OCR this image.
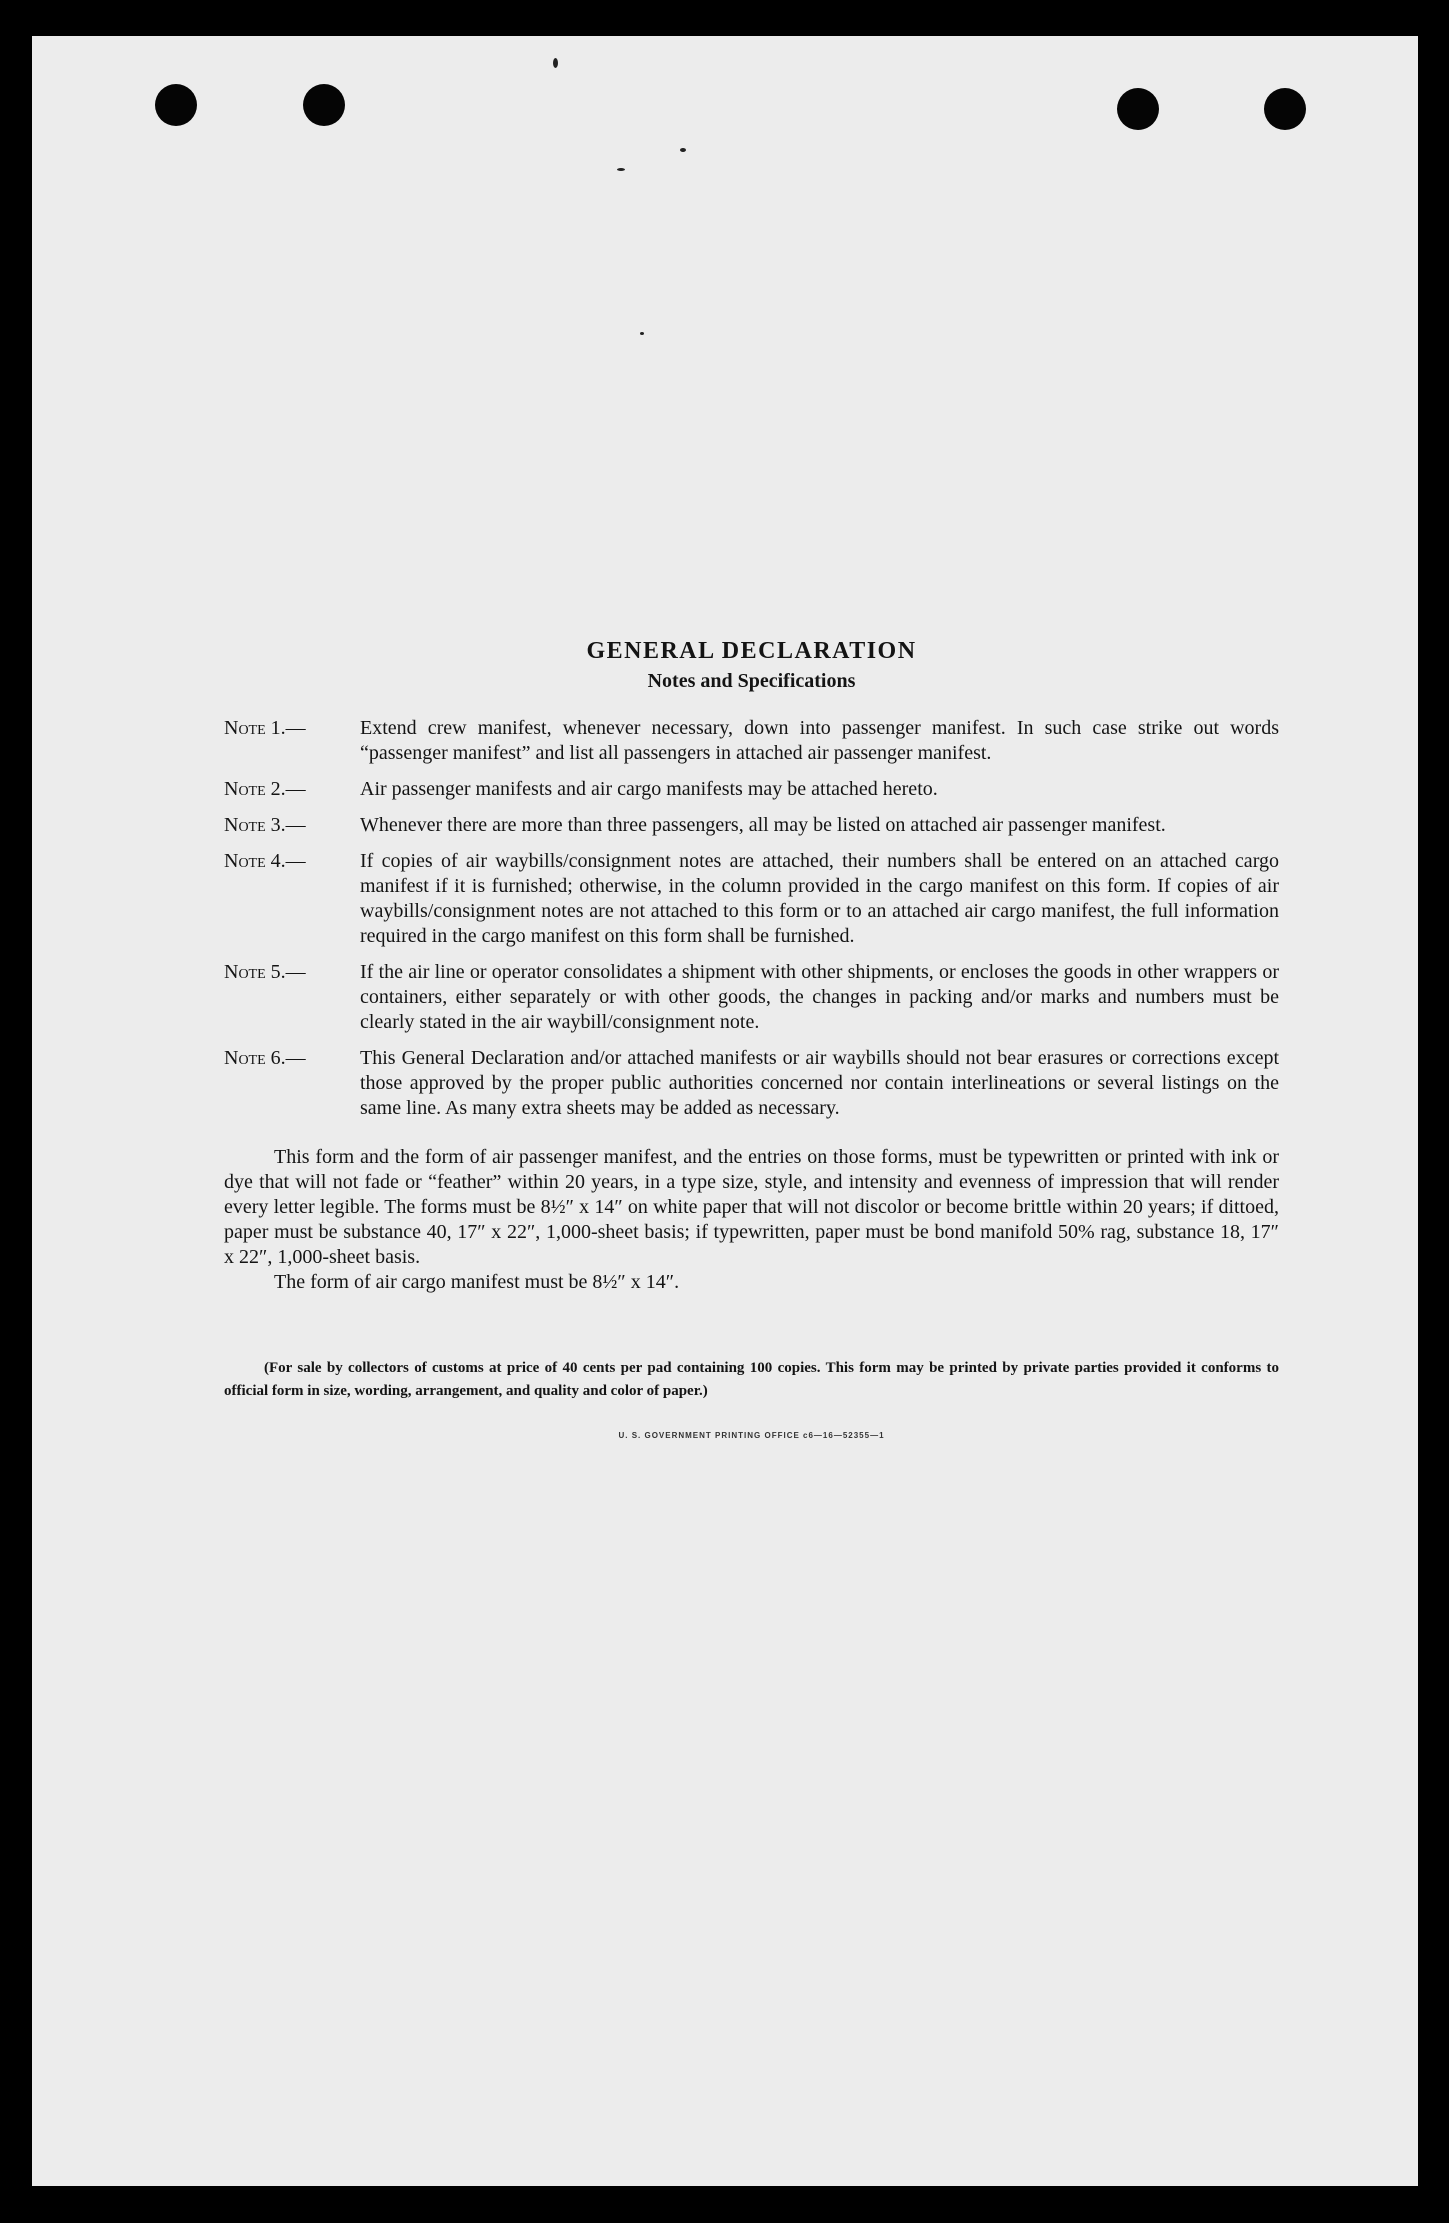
GENERAL DECLARATION
Notes and Specifications
Note 1.—	Extend crew manifest, whenever necessary, down into passenger manifest. In such case strike out words “passenger manifest” and list all passengers in attached air passenger manifest.
Note 2.—	Air passenger manifests and air cargo manifests may be attached hereto.
Note 3.—	Whenever there are more than three passengers, all may be listed on attached air passenger manifest.
Note 4.—	If copies of air waybills/consignment notes are attached, their numbers shall be entered on an attached cargo manifest if it is furnished; otherwise, in the column provided in the cargo manifest on this form. If copies of air waybills/consignment notes are not attached to this form or to an attached air cargo manifest, the full information required in the cargo manifest on this form shall be furnished.
Note 5.—	If the air line or operator consolidates a shipment with other shipments, or encloses the goods in other wrappers or containers, either separately or with other goods, the changes in packing and/or marks and numbers must be clearly stated in the air waybill/consignment note.
Note 6.—	This General Declaration and/or attached manifests or air waybills should not bear erasures or corrections except those approved by the proper public authorities concerned nor contain interlineations or several listings on the same line. As many extra sheets may be added as necessary.

This form and the form of air passenger manifest, and the entries on those forms, must be typewritten or printed with ink or dye that will not fade or “feather” within 20 years, in a type size, style, and intensity and evenness of impression that will render every letter legible. The forms must be 8½″ x 14″ on white paper that will not discolor or become brittle within 20 years; if dittoed, paper must be substance 40, 17″ x 22″, 1,000-sheet basis; if typewritten, paper must be bond manifold 50% rag, substance 18, 17″ x 22″, 1,000-sheet basis.

The form of air cargo manifest must be 8½″ x 14″.

(For sale by collectors of customs at price of 40 cents per pad containing 100 copies. This form may be printed by private parties provided it conforms to official form in size, wording, arrangement, and quality and color of paper.)

U. S. GOVERNMENT PRINTING OFFICE c6—16—52355—1
